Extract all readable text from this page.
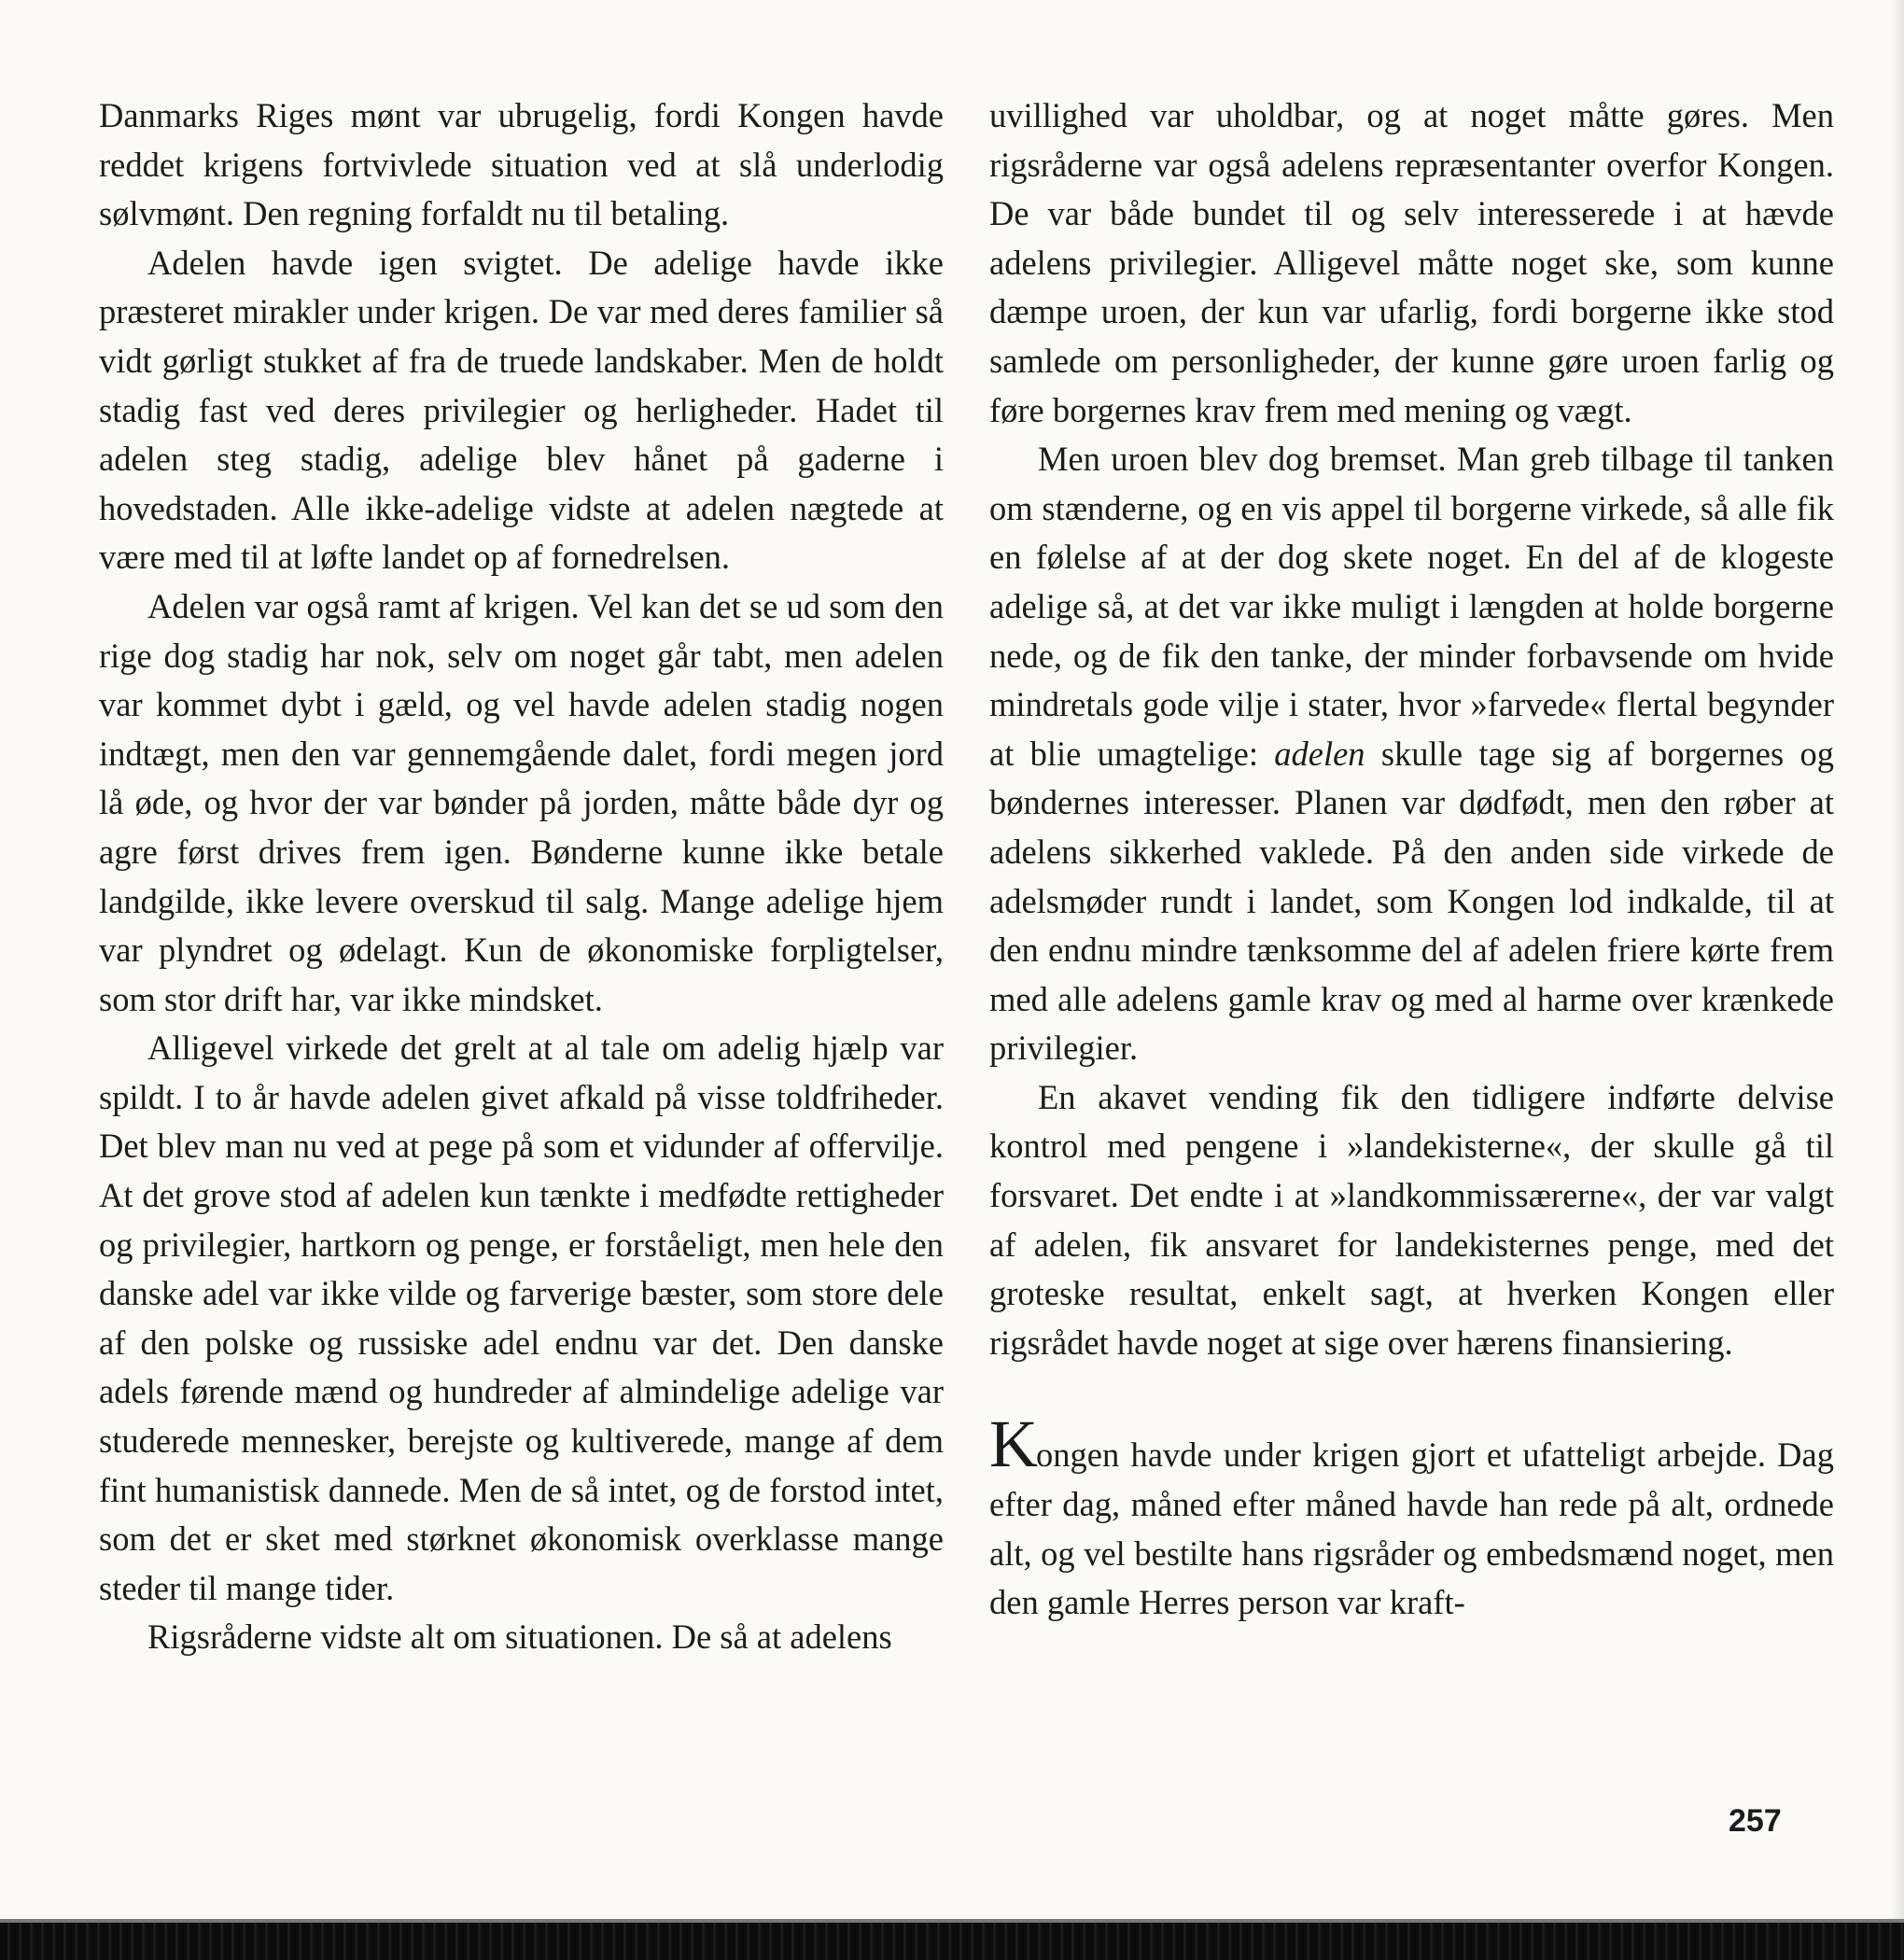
Danmarks Riges mønt var ubrugelig, fordi Kongen havde reddet krigens fortvivlede situation ved at slå underlodig sølvmønt. Den regning forfaldt nu til betaling.

Adelen havde igen svigtet. De adelige havde ikke præsteret mirakler under krigen. De var med deres familier så vidt gørligt stukket af fra de truede landskaber. Men de holdt stadig fast ved deres privilegier og herligheder. Hadet til adelen steg stadig, adelige blev hånet på gaderne i hovedstaden. Alle ikke-adelige vidste at adelen nægtede at være med til at løfte landet op af fornedrelsen.

Adelen var også ramt af krigen. Vel kan det se ud som den rige dog stadig har nok, selv om noget går tabt, men adelen var kommet dybt i gæld, og vel havde adelen stadig nogen indtægt, men den var gennemgående dalet, fordi megen jord lå øde, og hvor der var bønder på jorden, måtte både dyr og agre først drives frem igen. Bønderne kunne ikke betale landgilde, ikke levere overskud til salg. Mange adelige hjem var plyndret og ødelagt. Kun de økonomiske forpligtelser, som stor drift har, var ikke mindsket.

Alligevel virkede det grelt at al tale om adelig hjælp var spildt. I to år havde adelen givet afkald på visse toldfriheder. Det blev man nu ved at pege på som et vidunder af offervilje. At det grove stod af adelen kun tænkte i medfødte rettigheder og privilegier, hartkorn og penge, er forståeligt, men hele den danske adel var ikke vilde og farverige bæster, som store dele af den polske og russiske adel endnu var det. Den danske adels førende mænd og hundreder af almindelige adelige var studerede mennesker, berejste og kultiverede, mange af dem fint humanistisk dannede. Men de så intet, og de forstod intet, som det er sket med størknet økonomisk overklasse mange steder til mange tider.

Rigsråderne vidste alt om situationen. De så at adelens

uvillighed var uholdbar, og at noget måtte gøres. Men rigsråderne var også adelens repræsentanter overfor Kongen. De var både bundet til og selv interesserede i at hævde adelens privilegier. Alligevel måtte noget ske, som kunne dæmpe uroen, der kun var ufarlig, fordi borgerne ikke stod samlede om personligheder, der kunne gøre uroen farlig og føre borgernes krav frem med mening og vægt.

Men uroen blev dog bremset. Man greb tilbage til tanken om stænderne, og en vis appel til borgerne virkede, så alle fik en følelse af at der dog skete noget. En del af de klogeste adelige så, at det var ikke muligt i længden at holde borgerne nede, og de fik den tanke, der minder forbavsende om hvide mindretals gode vilje i stater, hvor »farvede« flertal begynder at blie umagtelige: adelen skulle tage sig af borgernes og bøndernes interesser. Planen var dødfødt, men den røber at adelens sikkerhed vaklede. På den anden side virkede de adelsmøder rundt i landet, som Kongen lod indkalde, til at den endnu mindre tænksomme del af adelen friere kørte frem med alle adelens gamle krav og med al harme over krænkede privilegier.

En akavet vending fik den tidligere indførte delvise kontrol med pengene i »landekisterne«, der skulle gå til forsvaret. Det endte i at »landkommissærerne«, der var valgt af adelen, fik ansvaret for landekisternes penge, med det groteske resultat, enkelt sagt, at hverken Kongen eller rigsrådet havde noget at sige over hærens finansiering.

Kongen havde under krigen gjort et ufatteligt arbejde. Dag efter dag, måned efter måned havde han rede på alt, ordnede alt, og vel bestilte hans rigsråder og embedsmænd noget, men den gamle Herres person var kraft-

257
